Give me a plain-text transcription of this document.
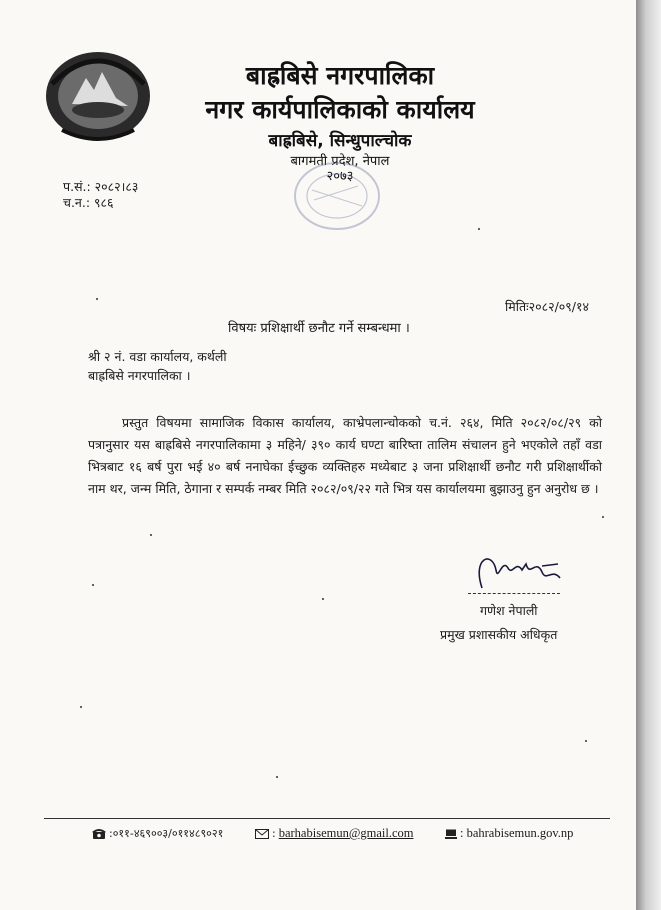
बाह्रबिसे नगरपालिका
नगर कार्यपालिकाको कार्यालय
बाह्रबिसे, सिन्धुपाल्चोक
बागमती प्रदेश, नेपाल
२०७३
प.सं.: २०८२।८३
च.न.: ९८६
मितिः२०८२/०९/१४
विषयः प्रशिक्षार्थी छनौट गर्ने सम्बन्धमा ।
श्री २ नं. वडा कार्यालय, कर्थली
बाह्रबिसे नगरपालिका ।
प्रस्तुत विषयमा सामाजिक विकास कार्यालय, काभ्रेपलान्चोकको च.नं. २६४, मिति २०८२/०८/२९ को पत्रानुसार यस बाह्रबिसे नगरपालिकामा ३ महिने/ ३९० कार्य घण्टा बारिष्ता तालिम संचालन हुने भएकोले तहाँ वडा भित्रबाट १६ बर्ष पुरा भई ४० बर्ष ननाघेका ईच्छुक व्यक्तिहरु मध्येबाट ३ जना प्रशिक्षार्थी छनौट गरी प्रशिक्षार्थीको नाम थर, जन्म मिति, ठेगाना र सम्पर्क नम्बर मिति २०८२/०९/२२ गते भित्र यस कार्यालयमा बुझाउनु हुन अनुरोध छ ।
गणेश नेपाली
प्रमुख प्रशासकीय अधिकृत
:०११-४६९००३/०११४८९०२१	: barhabisemun@gmail.com	: bahrabisemun.gov.np
